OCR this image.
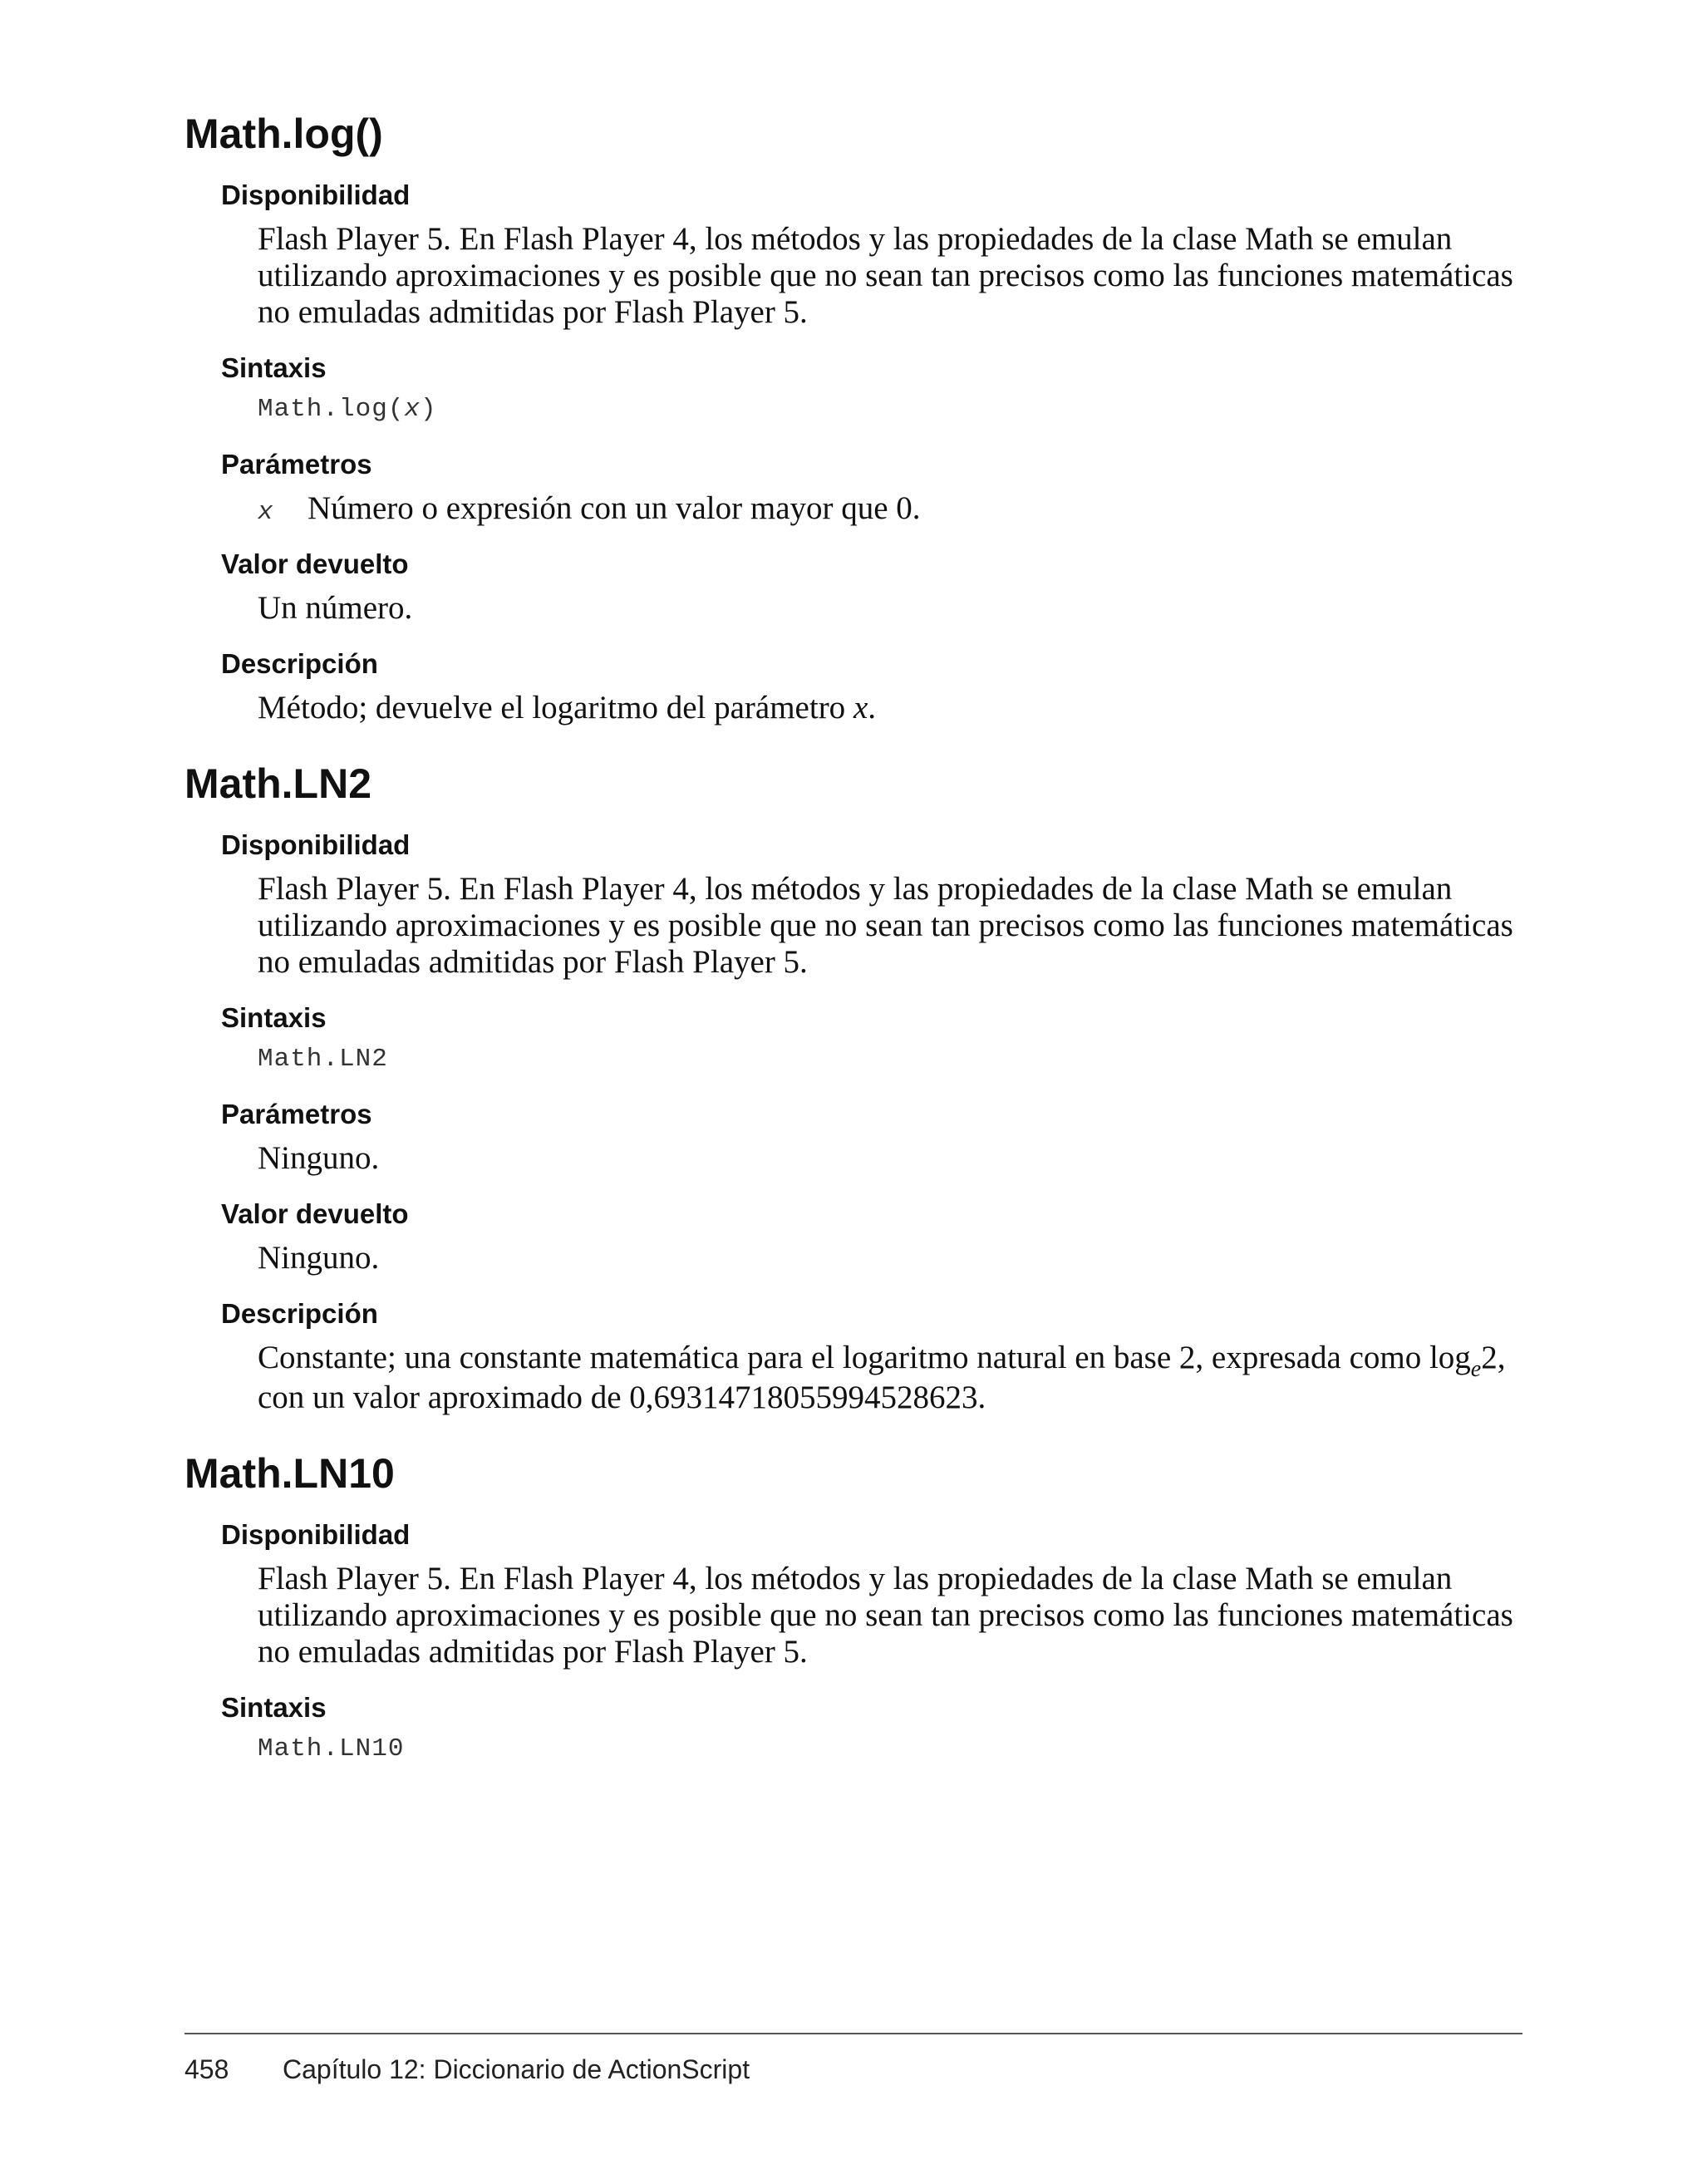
Math.log()
Disponibilidad

Flash Player 5. En Flash Player 4, los métodos y las propiedades de la clase Math se emulan utilizando aproximaciones y es posible que no sean tan precisos como las funciones matemáticas no emuladas admitidas por Flash Player 5.

Sintaxis
Math.log(x)
Parámetros
x	Número o expresión con un valor mayor que 0.
Valor devuelto

Un número.

Descripción

Método; devuelve el logaritmo del parámetro x.

Math.LN2
Disponibilidad

Flash Player 5. En Flash Player 4, los métodos y las propiedades de la clase Math se emulan utilizando aproximaciones y es posible que no sean tan precisos como las funciones matemáticas no emuladas admitidas por Flash Player 5.

Sintaxis
Math.LN2
Parámetros

Ninguno.

Valor devuelto

Ninguno.

Descripción

Constante; una constante matemática para el logaritmo natural en base 2, expresada como $\log_e2$, con un valor aproximado de 0,69314718055994528623.

Math.LN10
Disponibilidad

Flash Player 5. En Flash Player 4, los métodos y las propiedades de la clase Math se emulan utilizando aproximaciones y es posible que no sean tan precisos como las funciones matemáticas no emuladas admitidas por Flash Player 5.

Sintaxis
Math.LN10
458	Capítulo 12: Diccionario de ActionScript
